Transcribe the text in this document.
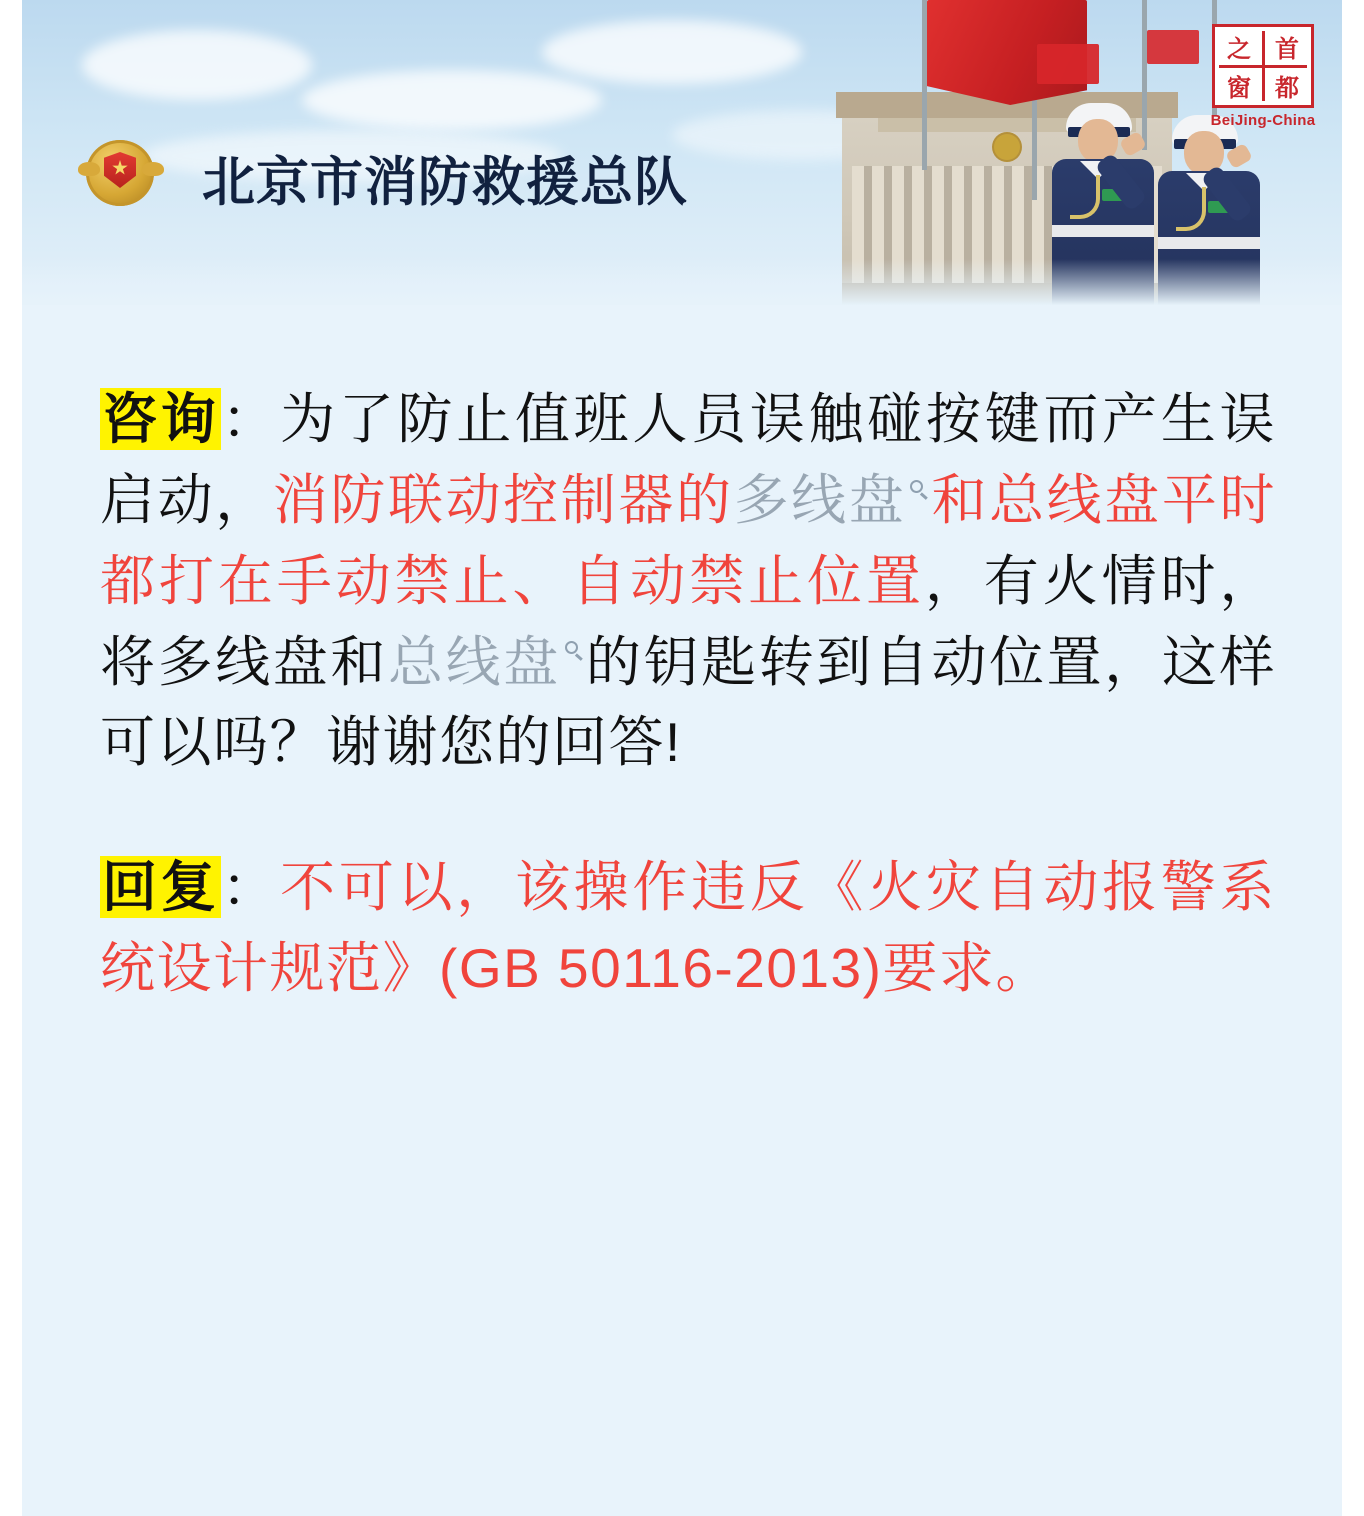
北京市消防救援总队
之	首
窗	都
BeiJing-China
咨询：为了防止值班人员误触碰按键而产生误启动，消防联动控制器的多线盘 和总线盘平时都打在手动禁止、自动禁止位置，有火情时，将多线盘和总线盘 的钥匙转到自动位置，这样可以吗？谢谢您的回答!
回复：不可以，该操作违反《火灾自动报警系统设计规范》(GB 50116-2013)要求。
